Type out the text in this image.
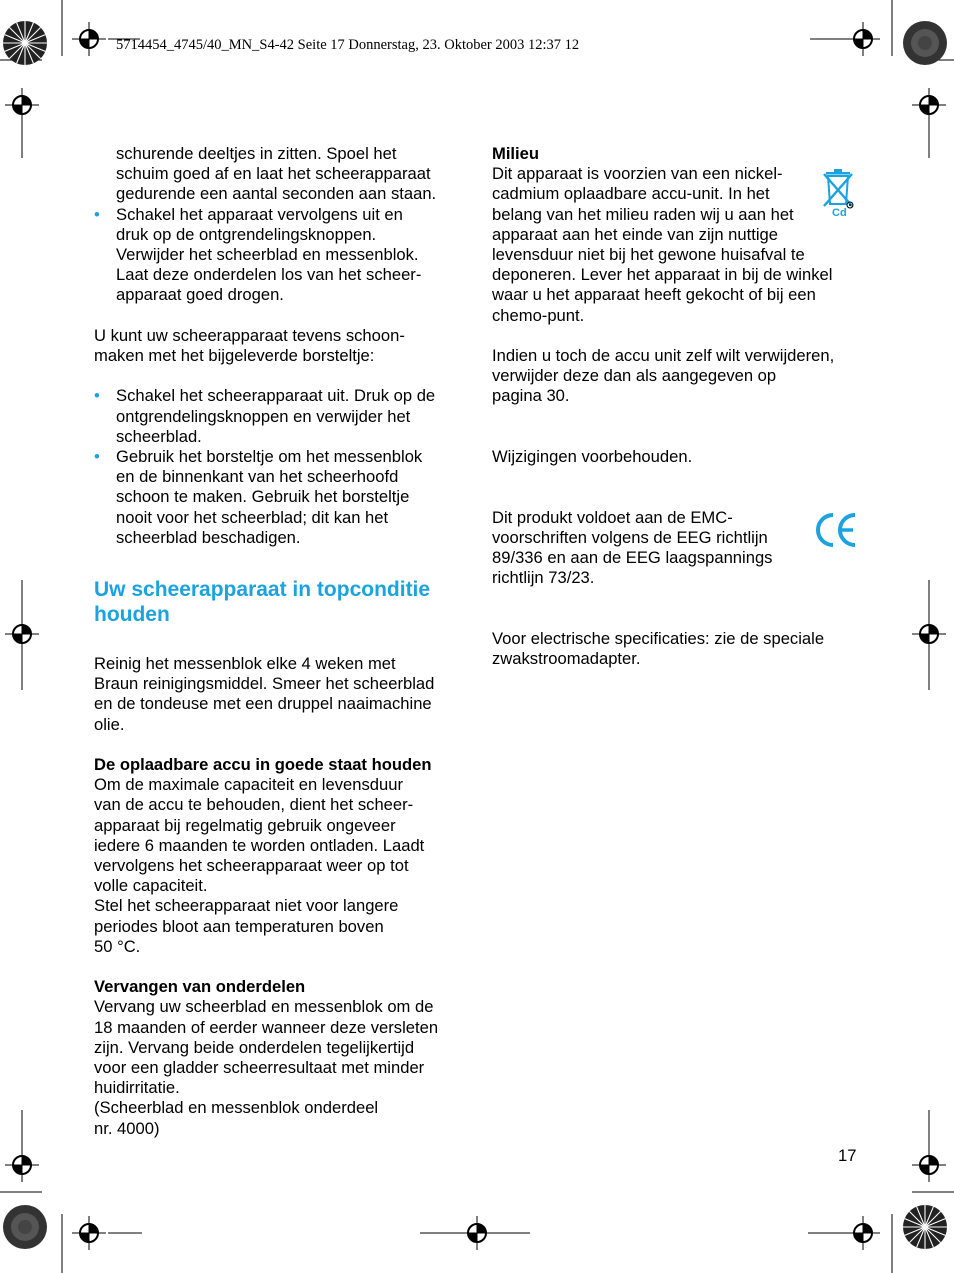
5714454_4745/40_MN_S4-42 Seite 17 Donnerstag, 23. Oktober 2003 12:37 12

schurende deeltjes in zitten. Spoel het

schuim goed af en laat het scheerapparaat

gedurende een aantal seconden aan staan.

• Schakel het apparaat vervolgens uit en

druk op de ontgrendelingsknoppen.

Verwijder het scheerblad en messenblok.

Laat deze onderdelen los van het scheer-

apparaat goed drogen.

U kunt uw scheerapparaat tevens schoon-

maken met het bijgeleverde borsteltje:

• Schakel het scheerapparaat uit. Druk op de

ontgrendelingsknoppen en verwijder het

scheerblad.

• Gebruik het borsteltje om het messenblok

en de binnenkant van het scheerhoofd

schoon te maken. Gebruik het borsteltje

nooit voor het scheerblad; dit kan het

scheerblad beschadigen.

Uw scheerapparaat in topconditie

houden

Reinig het messenblok elke 4 weken met

Braun reinigingsmiddel. Smeer het scheerblad

en de tondeuse met een druppel naaimachine

olie.

De oplaadbare accu in goede staat houden

Om de maximale capaciteit en levensduur

van de accu te behouden, dient het scheer-

apparaat bij regelmatig gebruik ongeveer

iedere 6 maanden te worden ontladen. Laadt

vervolgens het scheerapparaat weer op tot

volle capaciteit.

Stel het scheerapparaat niet voor langere

periodes bloot aan temperaturen boven

50 °C.

Vervangen van onderdelen

Vervang uw scheerblad en messenblok om de

18 maanden of eerder wanneer deze versleten

zijn. Vervang beide onderdelen tegelijkertijd

voor een gladder scheerresultaat met minder

huidirritatie.

(Scheerblad en messenblok onderdeel

nr. 4000)

Milieu

Dit apparaat is voorzien van een nickel-

cadmium oplaadbare accu-unit. In het

belang van het milieu raden wij u aan het

apparaat aan het einde van zijn nuttige

levensduur niet bij het gewone huisafval te

deponeren. Lever het apparaat in bij de winkel

waar u het apparaat heeft gekocht of bij een

chemo-punt.

Indien u toch de accu unit zelf wilt verwijderen,

verwijder deze dan als aangegeven op

pagina 30.

Wijzigingen voorbehouden.

Dit produkt voldoet aan de EMC-

voorschriften volgens de EEG richtlijn

89/336 en aan de EEG laagspannings

richtlijn 73/23.

Voor electrische specificaties: zie de speciale

zwakstroomadapter.

Cd
17
